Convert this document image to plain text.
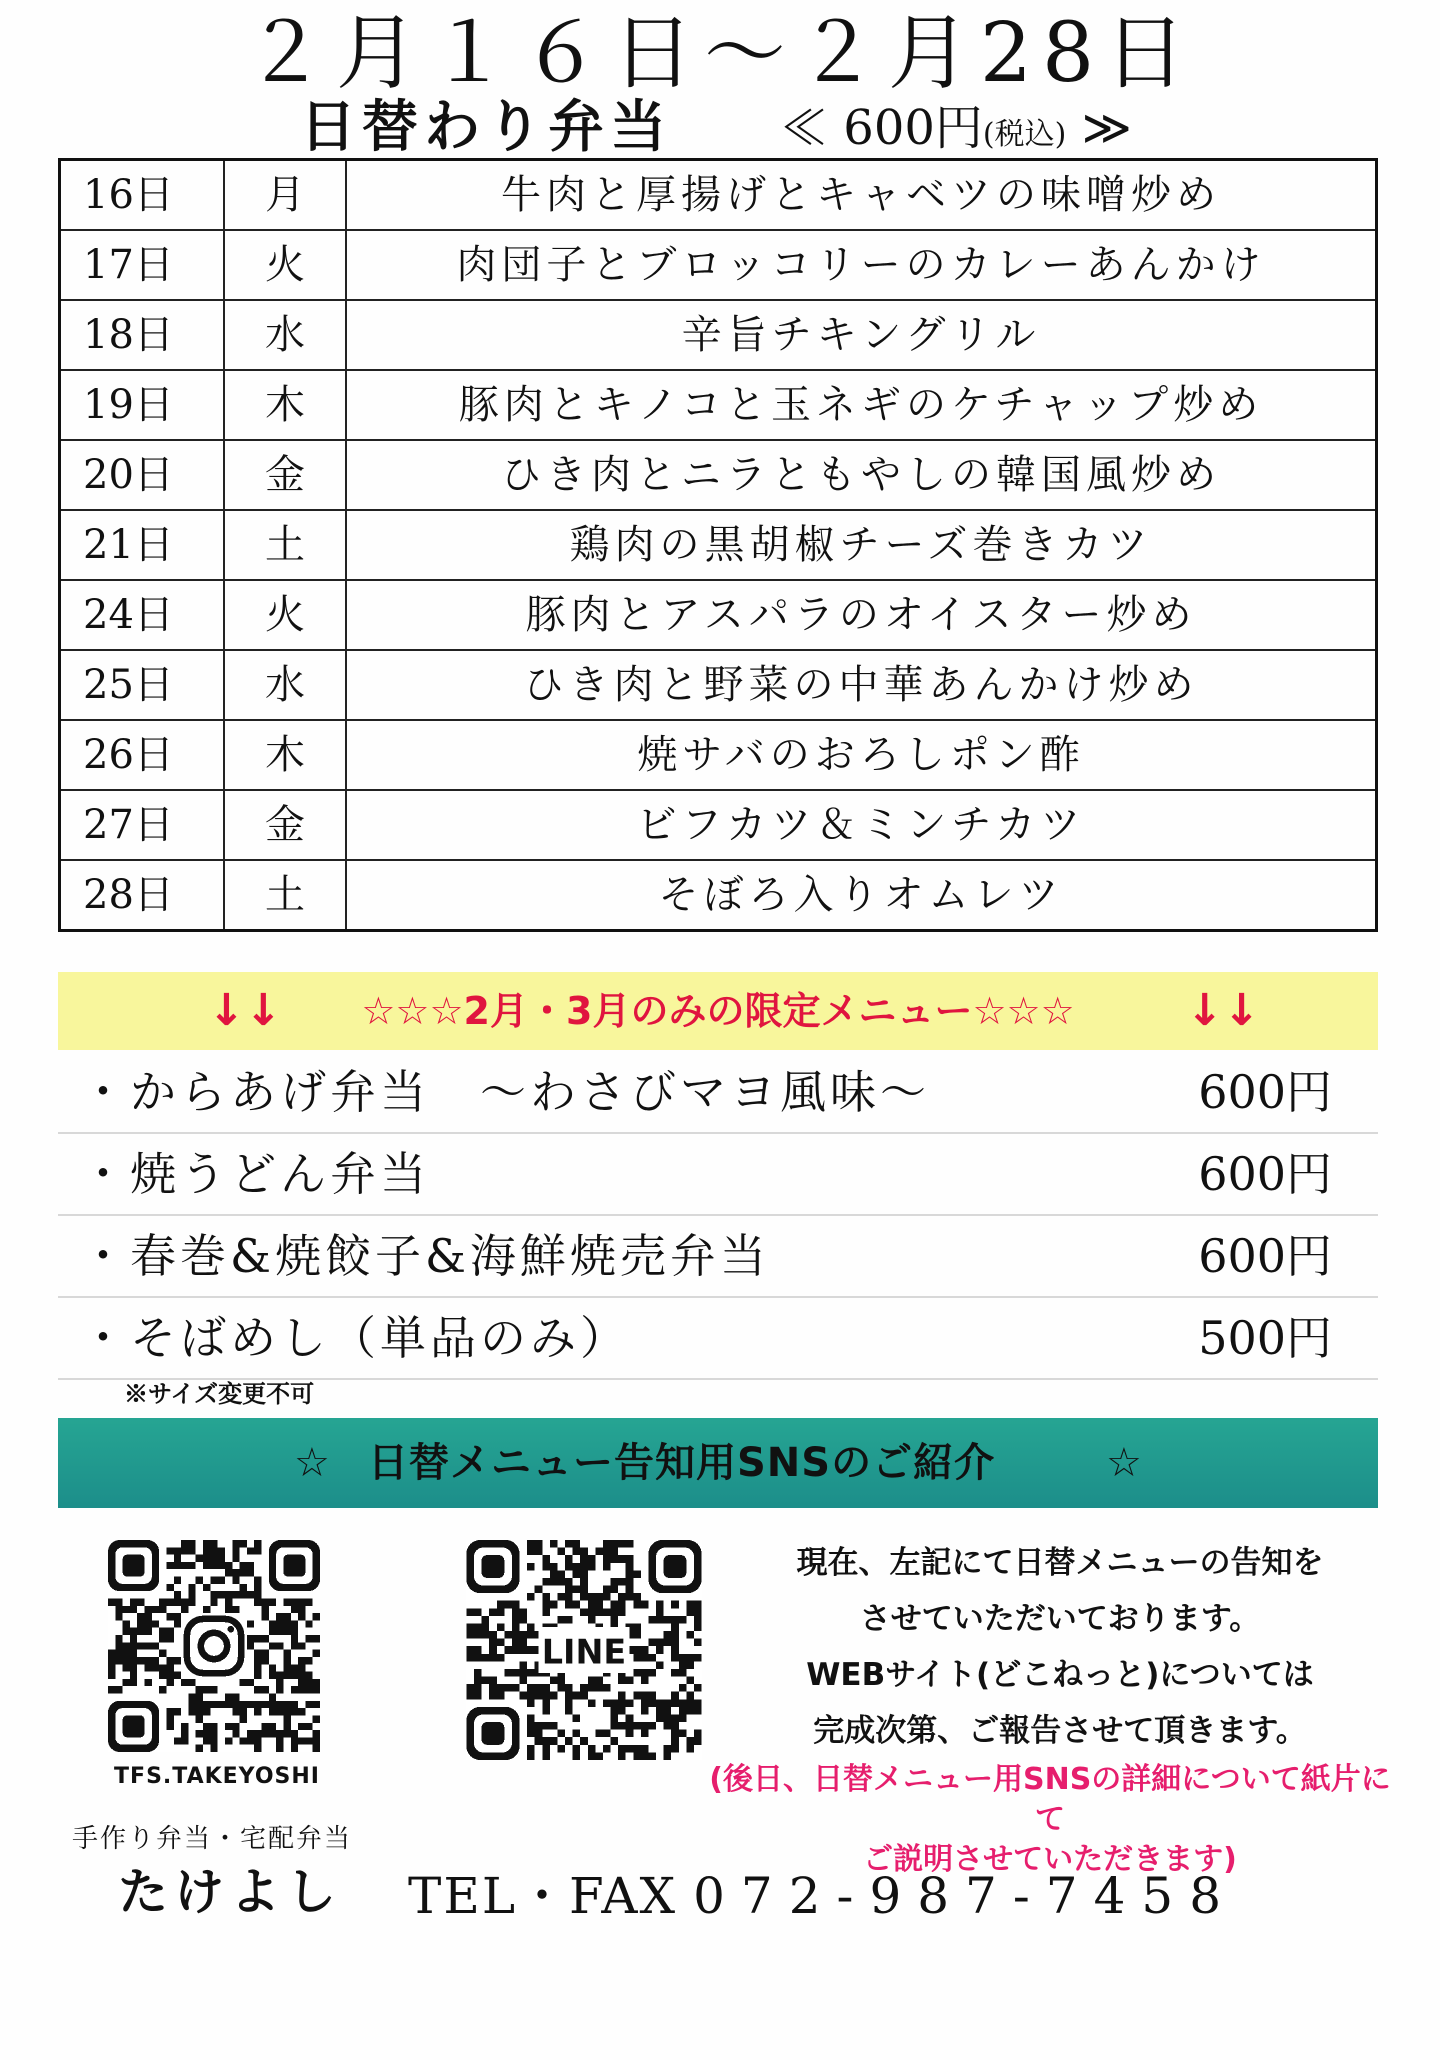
２月１６日～２月28日
日替わり弁当 ≪ 600円(税込) ≫
16日	月	牛肉と厚揚げとキャベツの味噌炒め
17日	火	肉団子とブロッコリーのカレーあんかけ
18日	水	辛旨チキングリル
19日	木	豚肉とキノコと玉ネギのケチャップ炒め
20日	金	ひき肉とニラともやしの韓国風炒め
21日	土	鶏肉の黒胡椒チーズ巻きカツ
24日	火	豚肉とアスパラのオイスター炒め
25日	水	ひき肉と野菜の中華あんかけ炒め
26日	木	焼サバのおろしポン酢
27日	金	ビフカツ＆ミンチカツ
28日	土	そぼろ入りオムレツ
↓↓ ☆☆☆2月・3月のみの限定メニュー☆☆☆	↓↓
・からあげ弁当　～わさびマヨ風味～	600円
・焼うどん弁当	600円
・春巻&焼餃子&海鮮焼売弁当	600円
・そばめし（単品のみ）	500円
※サイズ変更不可
☆ 日替メニュー告知用SNSのご紹介	☆
TFS.TAKEYOSHI
LINE
現在、左記にて日替メニューの告知を
させていただいております。
WEBサイト(どこねっと)については
完成次第、ご報告させて頂きます。
(後日、日替メニュー用SNSの詳細について紙片にて
ご説明させていただきます)
手作り弁当・宅配弁当
たけよし TEL・FAX 072-987-7458
